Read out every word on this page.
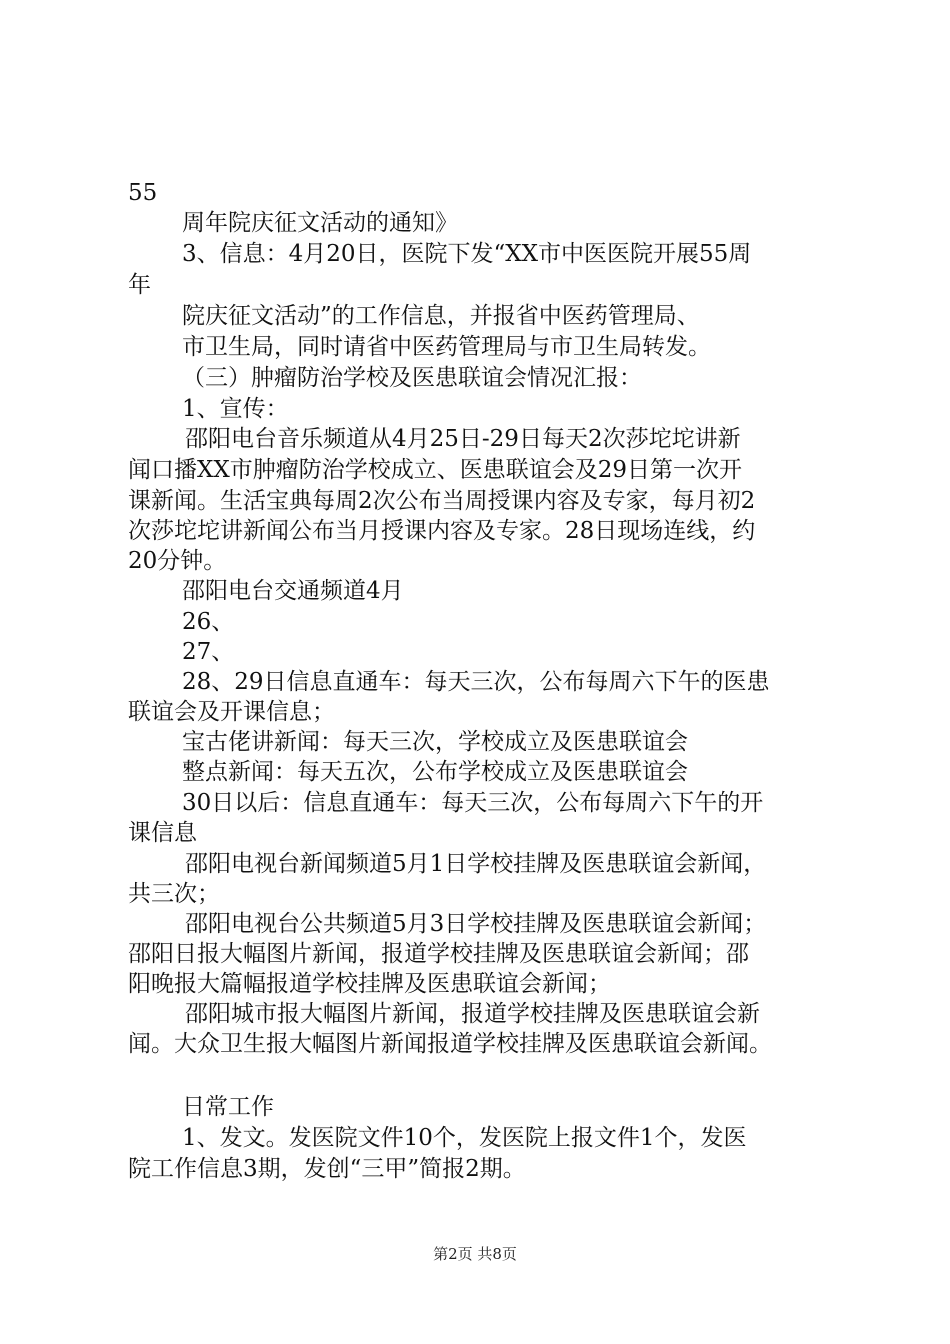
55
周年院庆征文活动的通知》
3、信息：4月20日，医院下发“XX市中医医院开展55周
年
院庆征文活动”的工作信息，并报省中医药管理局、
市卫生局，同时请省中医药管理局与市卫生局转发。
（三）肿瘤防治学校及医患联谊会情况汇报：
1、宣传：
邵阳电台音乐频道从4月25日-29日每天2次莎坨坨讲新
闻口播XX市肿瘤防治学校成立、医患联谊会及29日第一次开
课新闻。生活宝典每周2次公布当周授课内容及专家，每月初2
次莎坨坨讲新闻公布当月授课内容及专家。28日现场连线，约
20分钟。
邵阳电台交通频道4月
26、
27、
28、29日信息直通车：每天三次，公布每周六下午的医患
联谊会及开课信息；
宝古佬讲新闻：每天三次，学校成立及医患联谊会
整点新闻：每天五次，公布学校成立及医患联谊会
30日以后：信息直通车：每天三次，公布每周六下午的开
课信息
邵阳电视台新闻频道5月1日学校挂牌及医患联谊会新闻，
共三次；
邵阳电视台公共频道5月3日学校挂牌及医患联谊会新闻；
邵阳日报大幅图片新闻，报道学校挂牌及医患联谊会新闻；邵
阳晚报大篇幅报道学校挂牌及医患联谊会新闻；
邵阳城市报大幅图片新闻，报道学校挂牌及医患联谊会新
闻。大众卫生报大幅图片新闻报道学校挂牌及医患联谊会新闻。
日常工作
1、发文。发医院文件10个，发医院上报文件1个，发医
院工作信息3期，发创“三甲”简报2期。
第2页 共8页
